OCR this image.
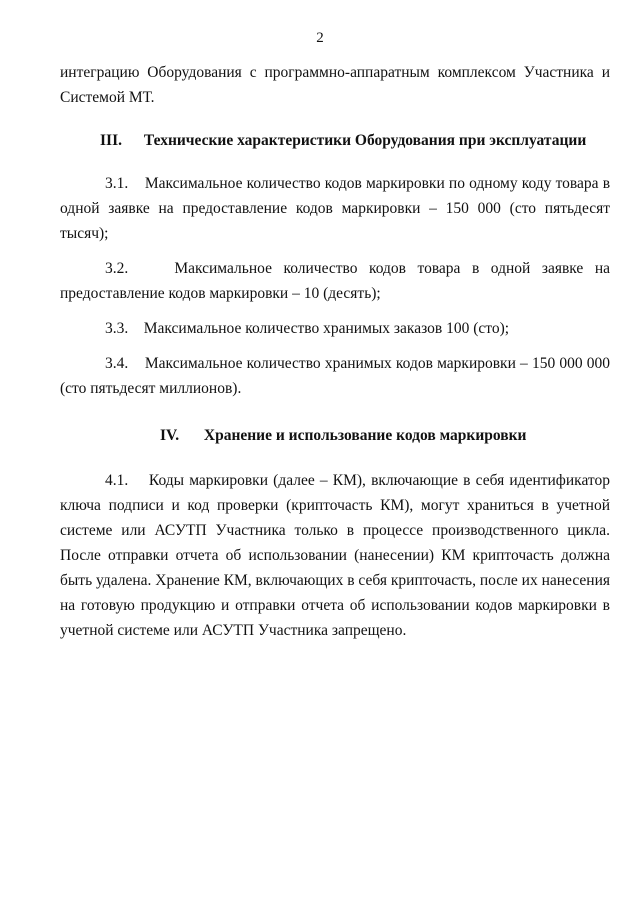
2

интеграцию Оборудования с программно-аппаратным комплексом Участника и Системой МТ.

III. Технические характеристики Оборудования при эксплуатации

3.1. Максимальное количество кодов маркировки по одному коду товара в одной заявке на предоставление кодов маркировки – 150 000 (сто пятьдесят тысяч);

3.2.	Максимальное количество кодов товара в одной заявке на предоставление кодов маркировки – 10 (десять);

3.3. Максимальное количество хранимых заказов 100 (сто);

3.4. Максимальное количество хранимых кодов маркировки – 150 000 000 (сто пятьдесят миллионов).

IV. Хранение и использование кодов маркировки

4.1. Коды маркировки (далее – КМ), включающие в себя идентификатор ключа подписи и код проверки (крипточасть КМ), могут храниться в учетной системе или АСУТП Участника только в процессе производственного цикла. После отправки отчета об использовании (нанесении) КМ крипточасть должна быть удалена. Хранение КМ, включающих в себя крипточасть, после их нанесения на готовую продукцию и отправки отчета об использовании кодов маркировки в учетной системе или АСУТП Участника запрещено.
